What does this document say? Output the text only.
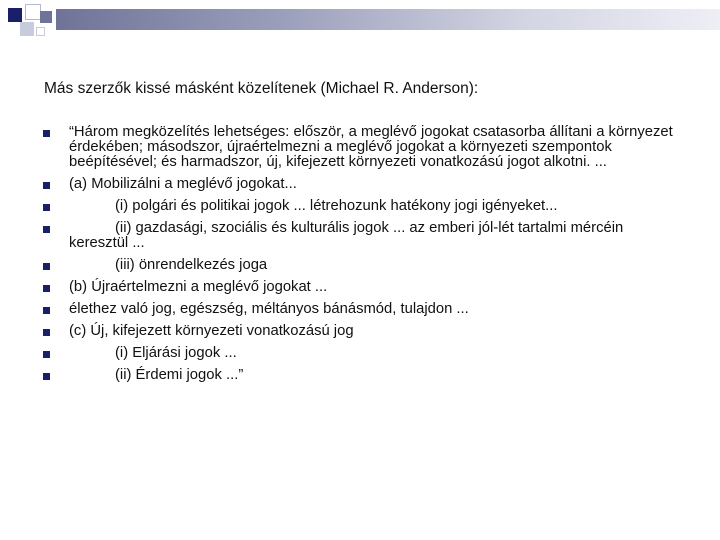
Más szerzők kissé másként közelítenek (Michael R. Anderson):

“Három megközelítés lehetséges: először, a meglévő jogokat csatasorba állítani a környezet érdekében; másodszor, újraértelmezni a meglévő jogokat a környezeti szempontok beépítésével; és harmadszor, új, kifejezett környezeti vonatkozású jogot alkotni. ...
(a) Mobilizálni a meglévő jogokat...
(i) polgári és politikai jogok ... létrehozunk hatékony jogi igényeket...
(ii) gazdasági, szociális és kulturális jogok ... az emberi jól-lét tartalmi mércéin keresztül ...
(iii) önrendelkezés joga
(b) Újraértelmezni a meglévő jogokat ...
élethez való jog, egészség, méltányos bánásmód, tulajdon ...
(c) Új, kifejezett környezeti vonatkozású jog
(i) Eljárási jogok ...
(ii) Érdemi jogok ...”
